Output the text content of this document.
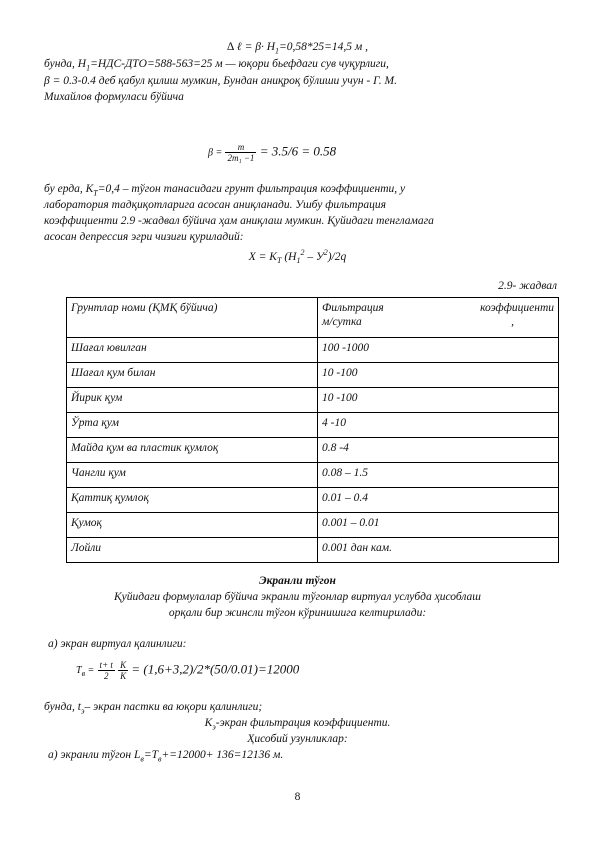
∆ ℓ = $\beta\cdot H_1=0,58*25=14,5$ м ,
бунда, $Н_1=НДС-ДТО=588-563=25$ м — юқори бьефдаги сув чуқурлиги,
β = 0.3-0.4 деб қабул қилиш мумкин, Бундан аниқроқ бўлиши учун - Г. М.
Михайлов формуласи бўйича
$\beta = \frac{m}{\text{2m₁ −1}} = 3.5/6 = 0.58$
бу ерда, $К_Т=0,4$ – тўгон танасидаги грунт фильтрация коэффициенти, у
лаборатория тадқиқотларига асосан аниқланади. Ушбу фильтрация
коэффициенти 2.9 -жадвал бўйича ҳам аниқлаш мумкин. Қуйидаги тенгламага
асосан депрессия эгри чизиғи қуриладий:
$X = K_T$ $(H_1^2 - У^2)/2q$
2.9- жадвал
Грунтлар номи (ҚМҚ бўйича)	Фильтрация коэффициенти
м/сутка ,

Шағал ювилган	100 -1000
Шағал қум билан	10 -100
Йирик қум	10 -100
Ўрта қум	4 -10
Майда қум ва пластик қумлоқ	0.8 -4
Чангли қум	0.08 – 1.5
Қаттиқ қумлоқ	0.01 – 0.4
Қумоқ	0.001 – 0.01
Лойли	0.001 дан кам.
Экранли тўгон
Қуйидаги формулалар бўйича экранли тўгонлар виртуал услубда ҳисоблаш
орқали бир жинсли тўгон кўринишига келтирилади:
а) экран виртуал қалинлиги:
$T_в = \frac{t+ t}{2}$
$\frac{K}{K} = (1,6+3,2)/2*(50/0.01)=12000$
бунда, $t_э-$ экран пастки ва юқори қалинлиги;
$К_э$-экран фильтрация коэффициенти.
Ҳисобий узунликлар:
а) экранли тўгон $L_в=T_в+=12000+ 136=12136$ м.
8
